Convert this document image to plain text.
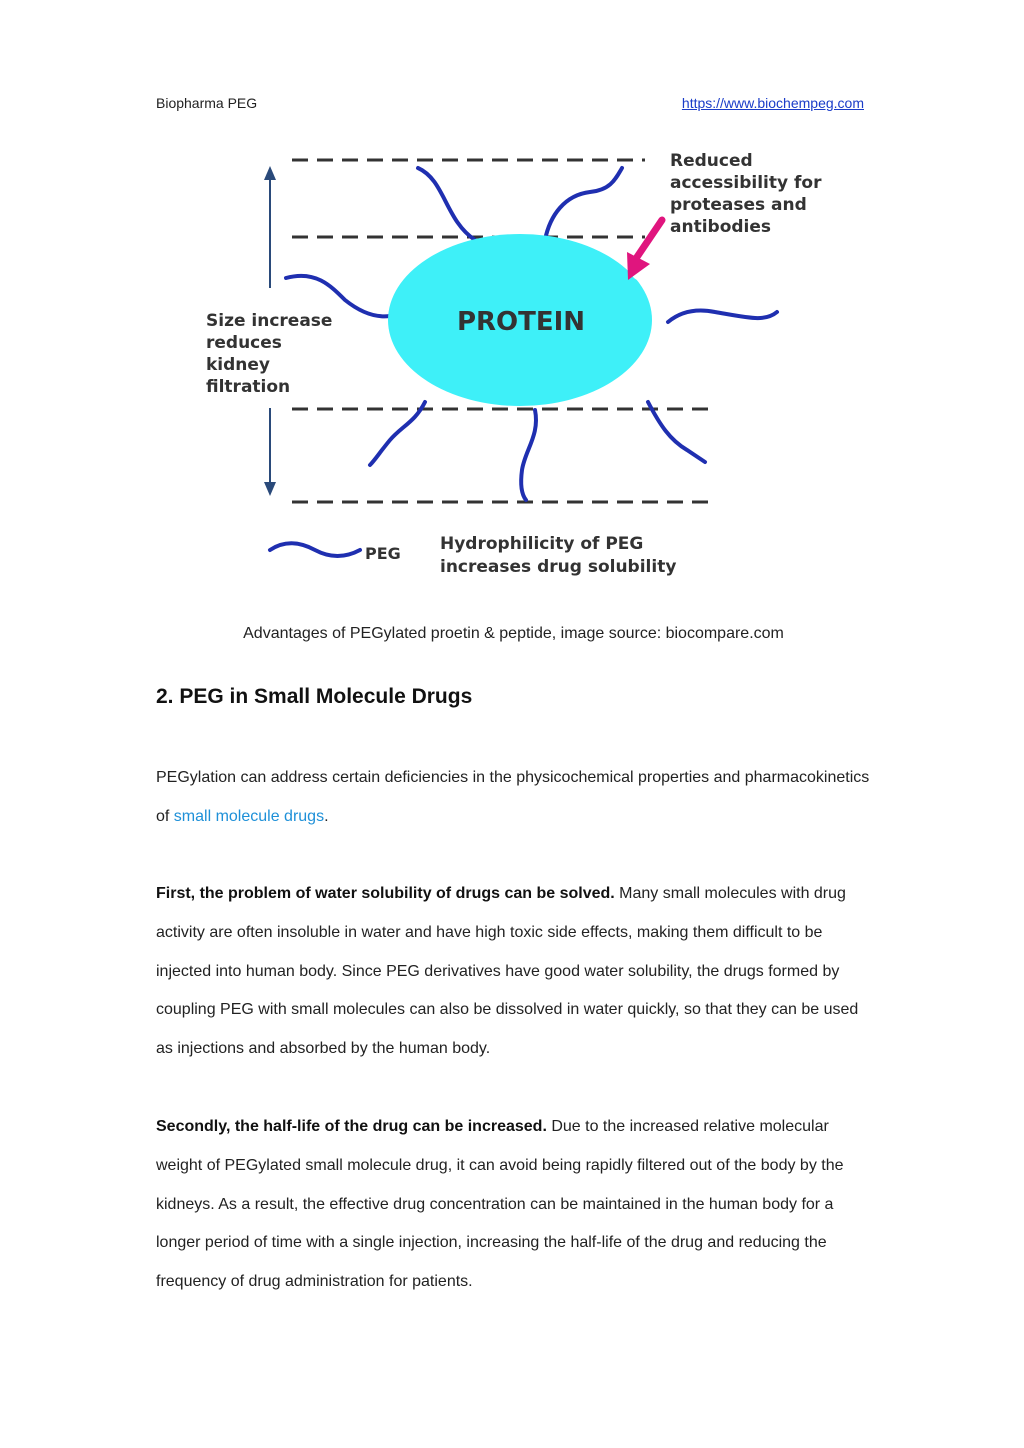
Biopharma PEG	https://www.biochempeg.com
PROTEIN
Reduced
accessibility for
proteases and
antibodies
Size increase
reduces
kidney
filtration
PEG Hydrophilicity of PEG
increases drug solubility
Advantages of PEGylated proetin & peptide, image source: biocompare.com
2. PEG in Small Molecule Drugs

PEGylation can address certain deficiencies in the physicochemical properties and pharmacokinetics of small molecule drugs.

First, the problem of water solubility of drugs can be solved. Many small molecules with drug activity are often insoluble in water and have high toxic side effects, making them difficult to be injected into human body. Since PEG derivatives have good water solubility, the drugs formed by coupling PEG with small molecules can also be dissolved in water quickly, so that they can be used as injections and absorbed by the human body.

Secondly, the half-life of the drug can be increased. Due to the increased relative molecular weight of PEGylated small molecule drug, it can avoid being rapidly filtered out of the body by the kidneys. As a result, the effective drug concentration can be maintained in the human body for a longer period of time with a single injection, increasing the half-life of the drug and reducing the frequency of drug administration for patients.
